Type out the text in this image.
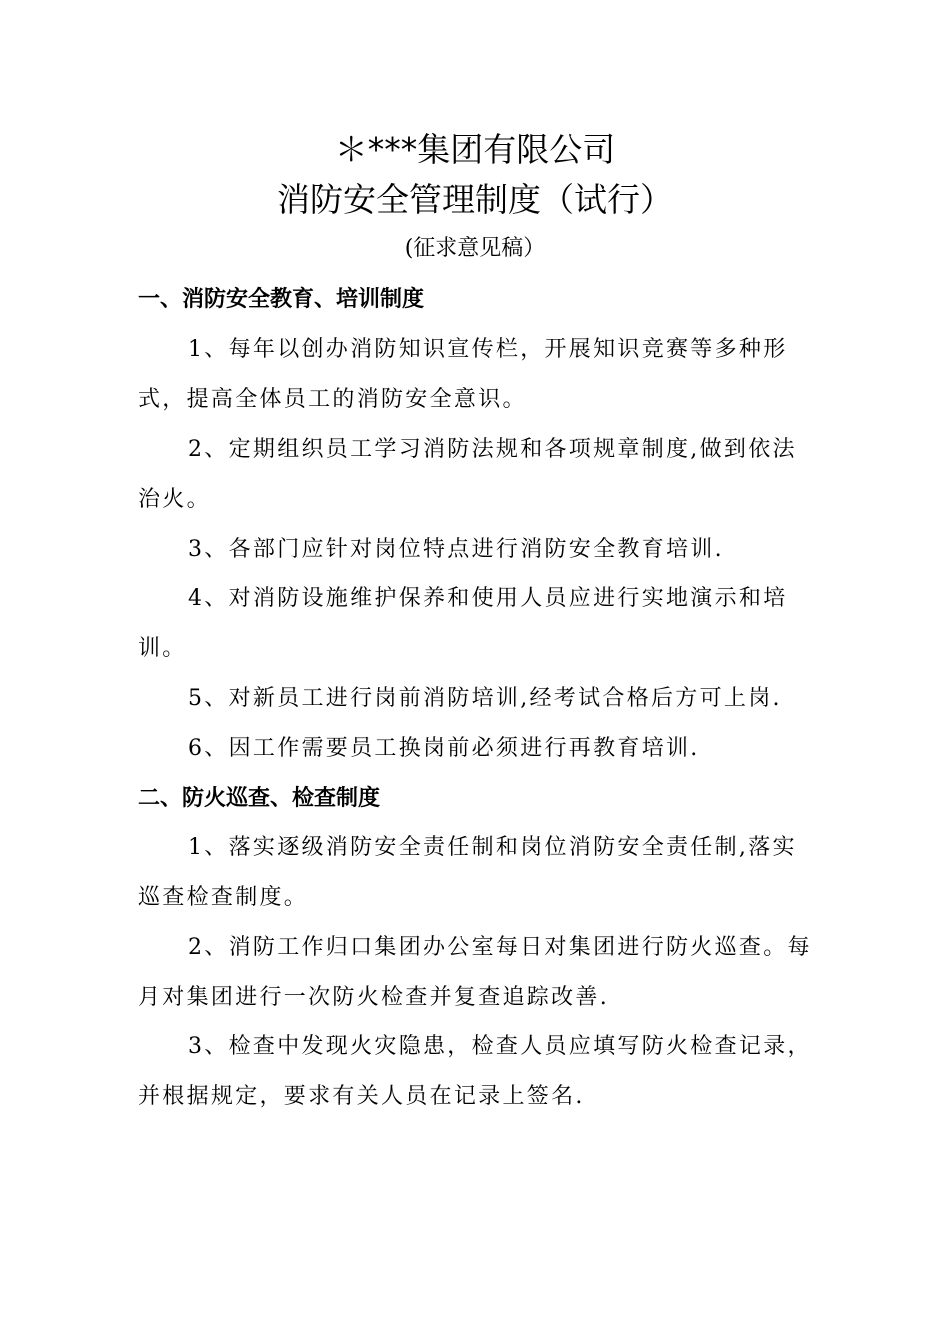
＊***集团有限公司
消防安全管理制度（试行）
(征求意见稿）
一、消防安全教育、培训制度
1、每年以创办消防知识宣传栏，开展知识竞赛等多种形式，提高全体员工的消防安全意识。
2、定期组织员工学习消防法规和各项规章制度,做到依法治火。
3、各部门应针对岗位特点进行消防安全教育培训.
4、对消防设施维护保养和使用人员应进行实地演示和培训。
5、对新员工进行岗前消防培训,经考试合格后方可上岗.
6、因工作需要员工换岗前必须进行再教育培训.
二、防火巡查、检查制度
1、落实逐级消防安全责任制和岗位消防安全责任制,落实巡查检查制度。
2、消防工作归口集团办公室每日对集团进行防火巡查。每月对集团进行一次防火检查并复查追踪改善.
3、检查中发现火灾隐患，检查人员应填写防火检查记录，并根据规定，要求有关人员在记录上签名.
